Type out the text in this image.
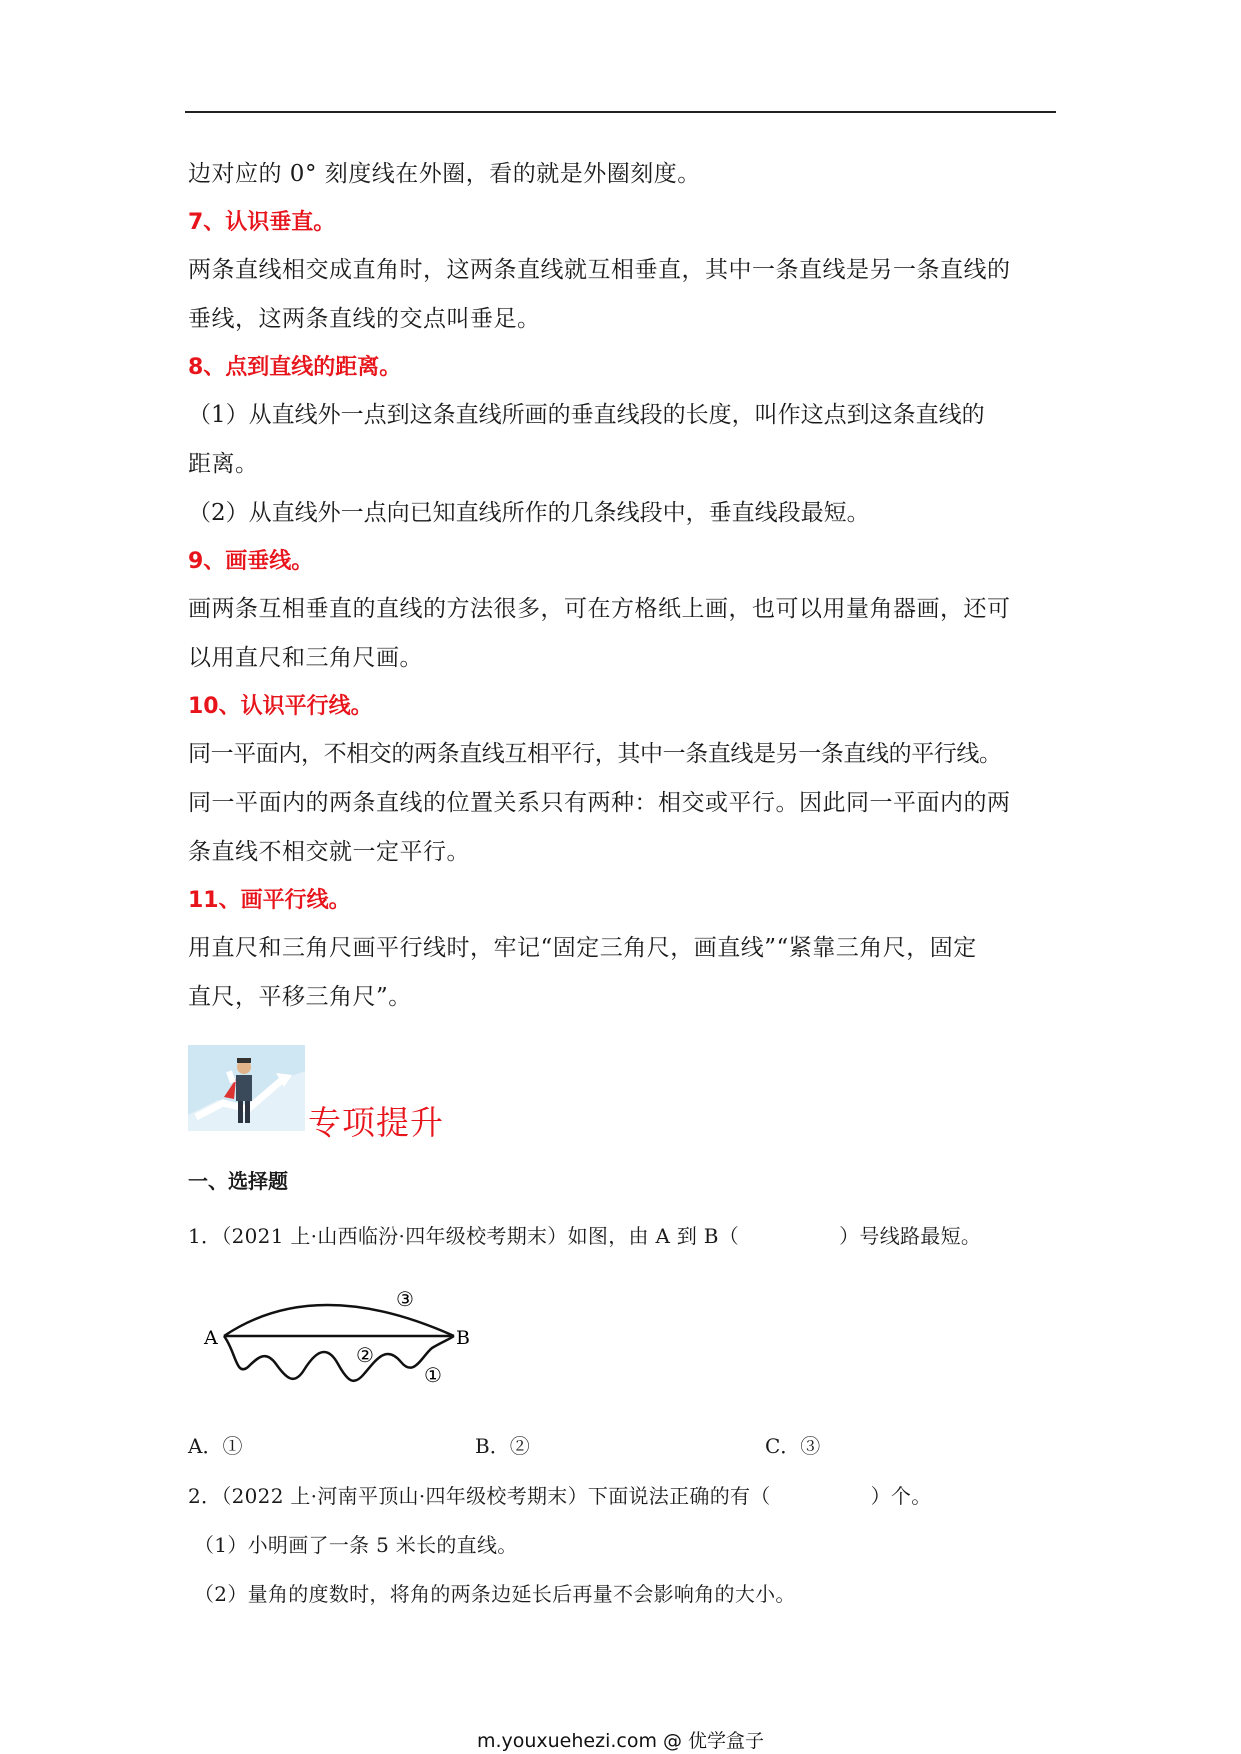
边对应的 0° 刻度线在外圈，看的就是外圈刻度。

7、认识垂直。

两条直线相交成直角时，这两条直线就互相垂直，其中一条直线是另一条直线的

垂线，这两条直线的交点叫垂足。

8、点到直线的距离。

（1）从直线外一点到这条直线所画的垂直线段的长度，叫作这点到这条直线的

距离。

（2）从直线外一点向已知直线所作的几条线段中，垂直线段最短。

9、画垂线。

画两条互相垂直的直线的方法很多，可在方格纸上画，也可以用量角器画，还可

以用直尺和三角尺画。

10、认识平行线。

同一平面内，不相交的两条直线互相平行，其中一条直线是另一条直线的平行线。

同一平面内的两条直线的位置关系只有两种：相交或平行。因此同一平面内的两

条直线不相交就一定平行。

11、画平行线。

用直尺和三角尺画平行线时，牢记“固定三角尺，画直线”“紧靠三角尺，固定

直尺，平移三角尺”。

专项提升
一、选择题
1．（2021 上·山西临汾·四年级校考期末）如图，由 A 到 B（	）号线路最短。
A	B
③
②
①
A．①	B．②	C．③
2．（2022 上·河南平顶山·四年级校考期末）下面说法正确的有（	）个。
（1）小明画了一条 5 米长的直线。
（2）量角的度数时，将角的两条边延长后再量不会影响角的大小。
m.youxuehezi.com @ 优学盒子
